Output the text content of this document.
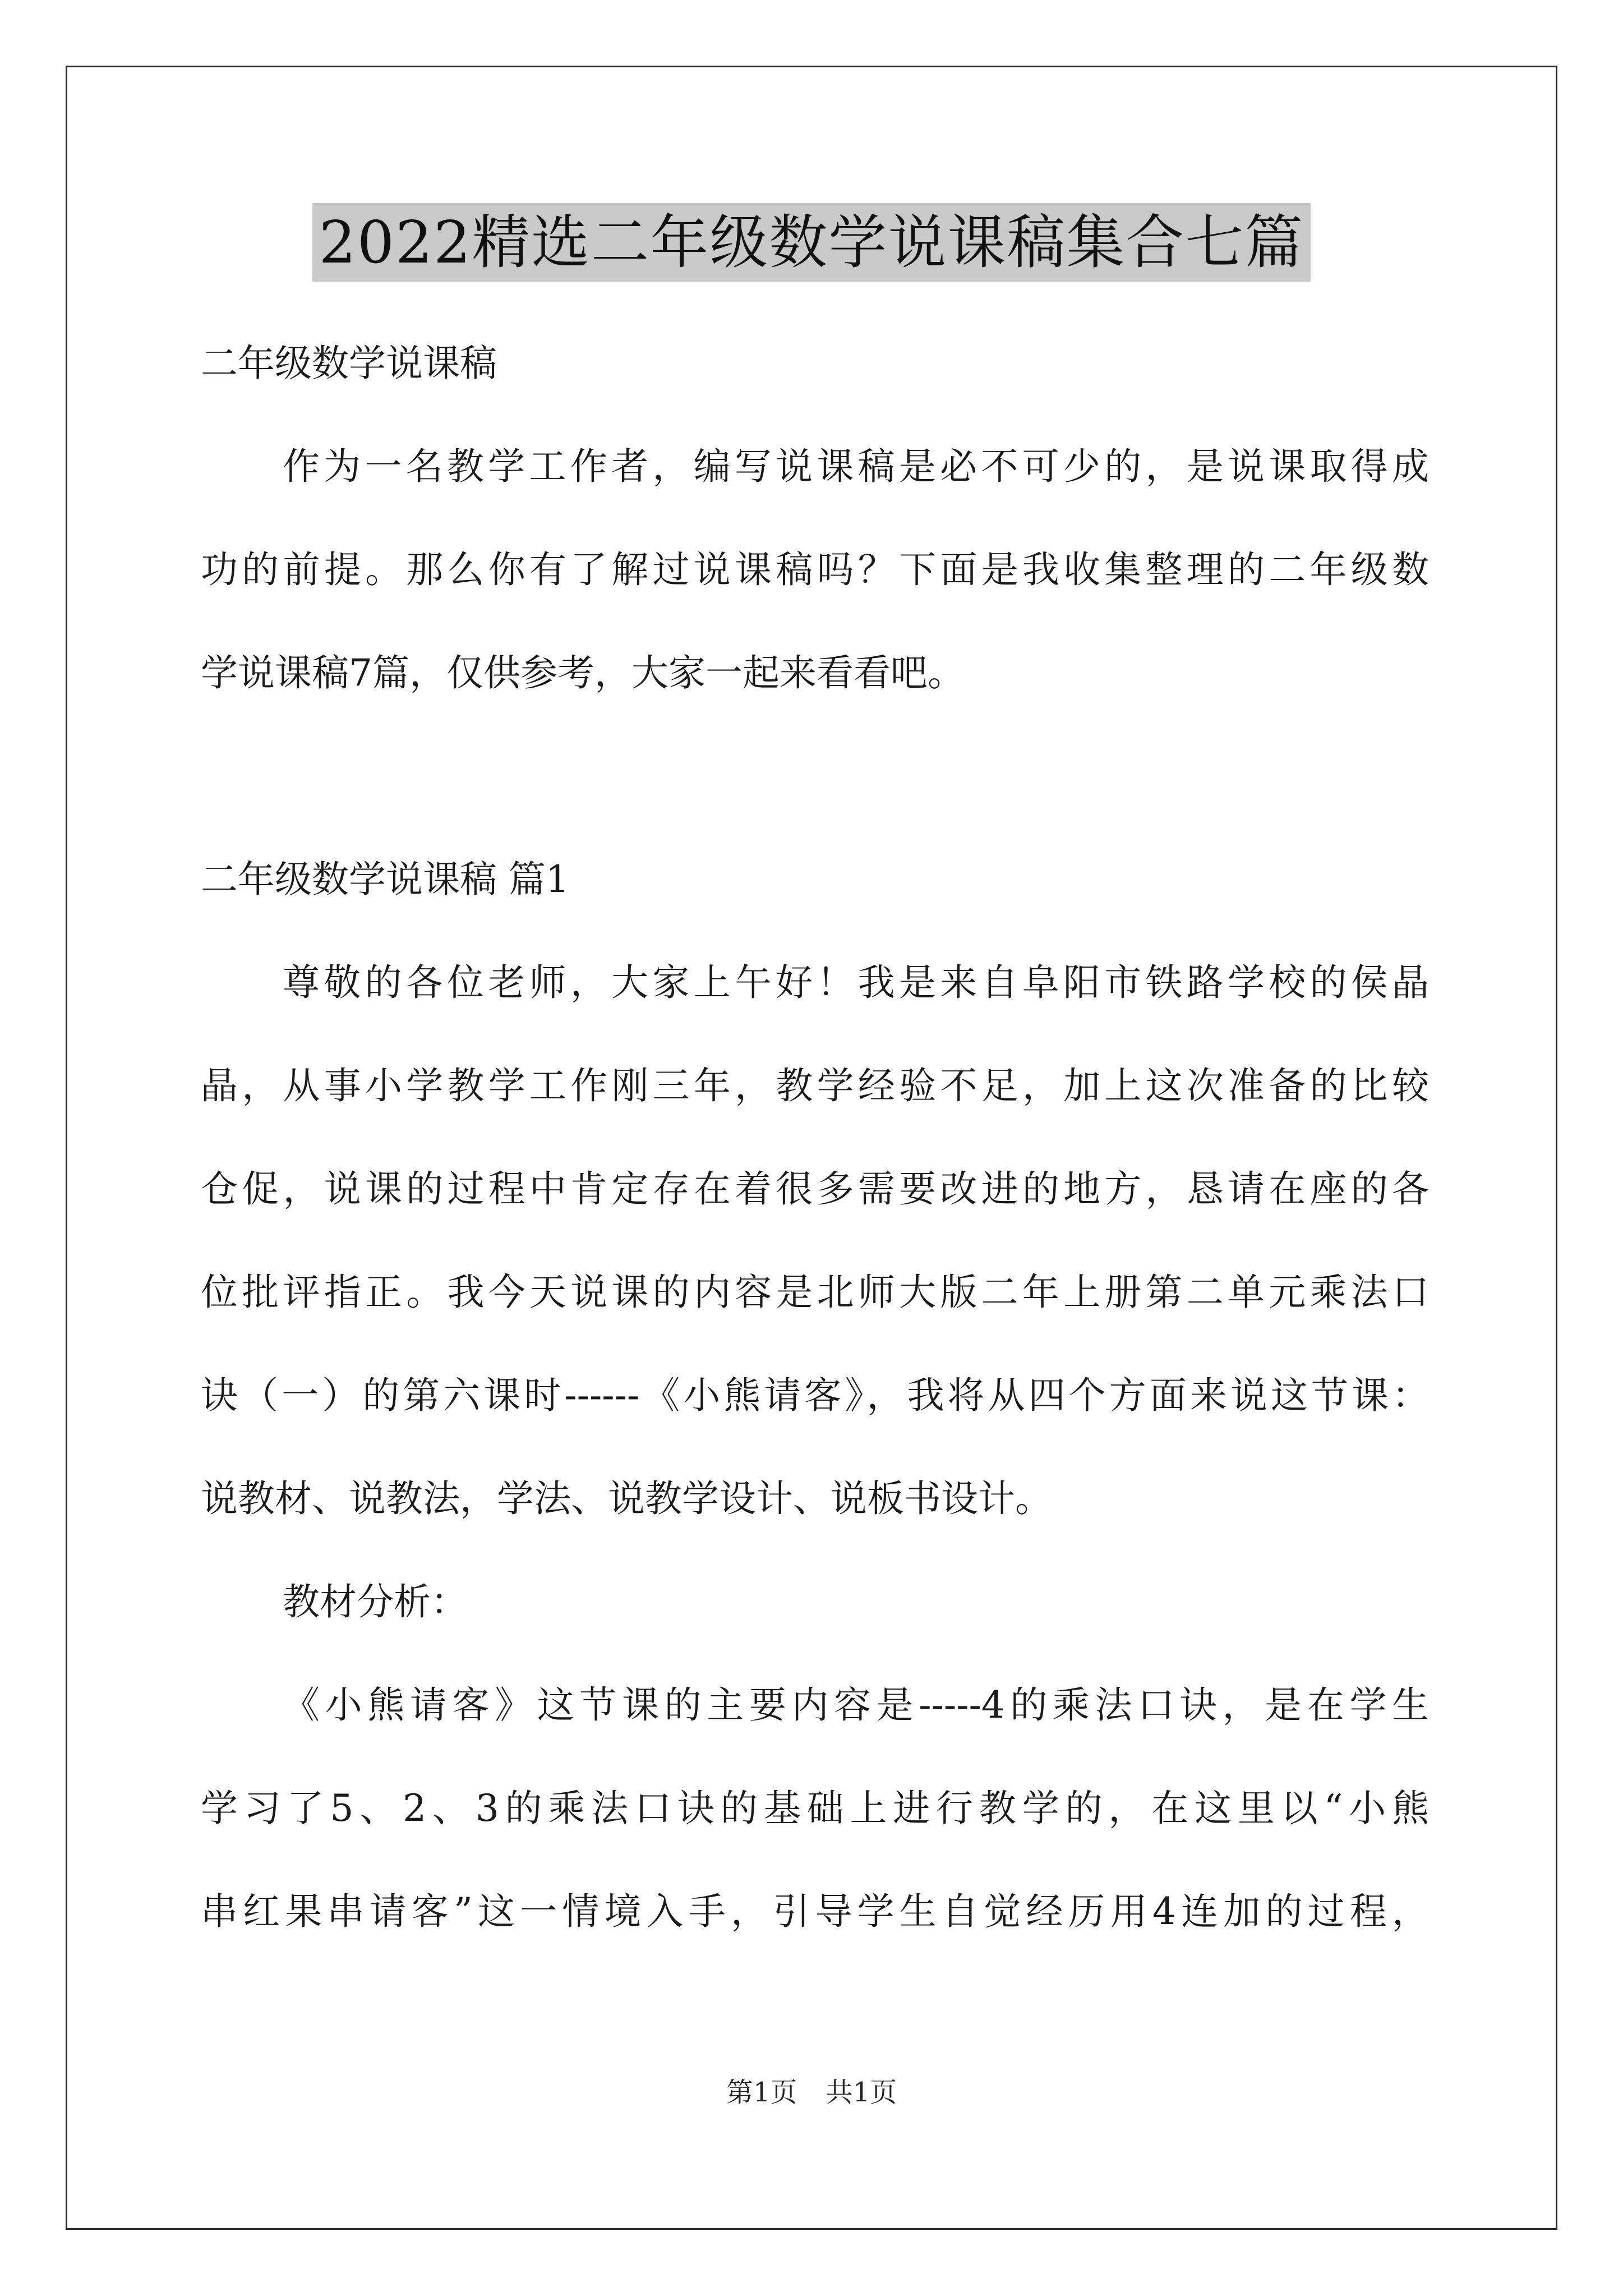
2022精选二年级数学说课稿集合七篇
二年级数学说课稿
作为一名教学工作者，编写说课稿是必不可少的，是说课取得成
功的前提。那么你有了解过说课稿吗？下面是我收集整理的二年级数
学说课稿7篇，仅供参考，大家一起来看看吧。
二年级数学说课稿 篇1
尊敬的各位老师，大家上午好！我是来自阜阳市铁路学校的侯晶
晶，从事小学教学工作刚三年，教学经验不足，加上这次准备的比较
仓促，说课的过程中肯定存在着很多需要改进的地方，恳请在座的各
位批评指正。我今天说课的内容是北师大版二年上册第二单元乘法口
诀（一）的第六课时------《小熊请客》，我将从四个方面来说这节课：
说教材、说教法，学法、说教学设计、说板书设计。
教材分析：
《小熊请客》这节课的主要内容是-----4的乘法口诀，是在学生
学习了5、2、3的乘法口诀的基础上进行教学的，在这里以“小熊
串红果串请客”这一情境入手，引导学生自觉经历用4连加的过程，
第1页 共1页
